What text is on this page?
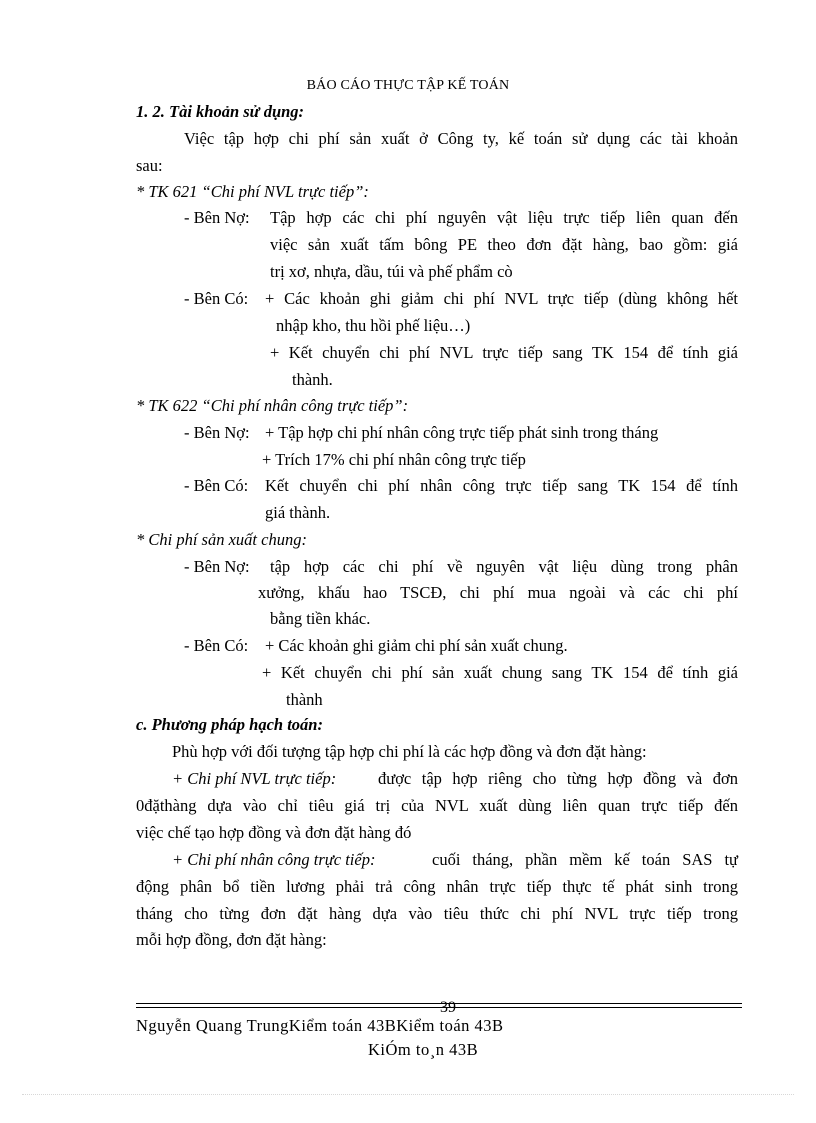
BÁO CÁO THỰC TẬP KẾ TOÁN
1. 2. Tài khoản sử dụng:
Việc tập hợp chi phí sản xuất ở Công ty, kế toán sử dụng các tài khoản
sau:
* TK 621 “Chi phí NVL trực tiếp”:
- Bên Nợ: Tập hợp các chi phí nguyên vật liệu trực tiếp liên quan đến
việc sản xuất tấm bông PE theo đơn đặt hàng, bao gồm: giá
trị xơ, nhựa, dầu, túi và phế phẩm cò
- Bên Có: + Các khoản ghi giảm chi phí NVL trực tiếp (dùng không hết
nhập kho, thu hồi phế liệu…)
+ Kết chuyển chi phí NVL trực tiếp sang TK 154 để tính giá
thành.
* TK 622 “Chi phí nhân công trực tiếp”:
- Bên Nợ: + Tập hợp chi phí nhân công trực tiếp phát sinh trong tháng
+ Trích 17% chi phí nhân công trực tiếp
- Bên Có: Kết chuyển chi phí nhân công trực tiếp sang TK 154 để tính
giá thành.
* Chi phí sản xuất chung:
- Bên Nợ: tập hợp các chi phí về nguyên vật liệu dùng trong phân
xưởng, khấu hao TSCĐ, chi phí mua ngoài và các chi phí
bằng tiền khác.
- Bên Có: + Các khoản ghi giảm chi phí sản xuất chung.
+ Kết chuyển chi phí sản xuất chung sang TK 154 để tính giá
thành
c. Phương pháp hạch toán:
Phù hợp với đối tượng tập hợp chi phí là các hợp đồng và đơn đặt hàng:
+ Chi phí NVL trực tiếp:	được tập hợp riêng cho từng hợp đồng và đơn
0đặthàng dựa vào chỉ tiêu giá trị của NVL xuất dùng liên quan trực tiếp đến
việc chế tạo hợp đồng và đơn đặt hàng đó
+ Chi phí nhân công trực tiếp:	cuối tháng, phần mềm kế toán SAS tự
động phân bổ tiền lương phải trả công nhân trực tiếp thực tế phát sinh trong
tháng cho từng đơn đặt hàng dựa vào tiêu thức chi phí NVL trực tiếp trong
mỗi hợp đồng, đơn đặt hàng:
39
Nguyễn Quang TrungKiểm toán 43BKiểm toán 43B
KiÓm to¸n 43B
